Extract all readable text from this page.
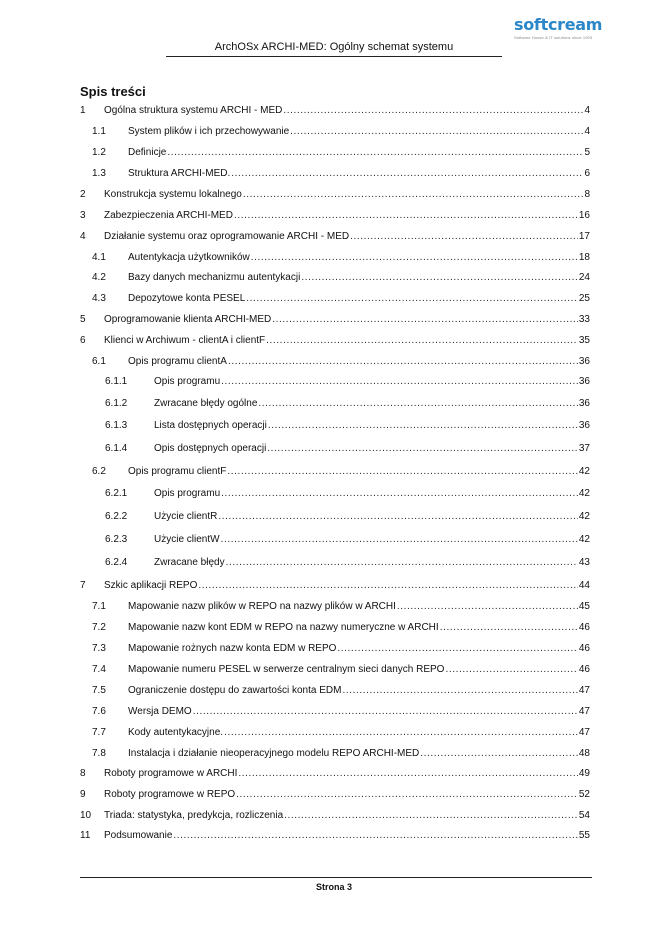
softcream
Software House & IT solutions since 1993
ArchOSx ARCHI-MED: Ogólny schemat systemu
Spis treści
1	Ogólna struktura systemu ARCHI - MED .....	4
1.1	System plików i ich przechowywanie .....	4
1.2	Definicje .....	5
1.3	Struktura ARCHI-MED. .....	6
2	Konstrukcja systemu lokalnego .....	8
3	Zabezpieczenia ARCHI-MED .....	16
4	Działanie systemu oraz oprogramowanie ARCHI - MED .....	17
4.1	Autentykacja użytkowników .....	18
4.2	Bazy danych mechanizmu autentykacji .....	24
4.3	Depozytowe konta PESEL .....	25
5	Oprogramowanie klienta ARCHI-MED .....	33
6	Klienci w Archiwum - clientA i clientF .....	35
6.1	Opis programu clientA .....	36
6.1.1	Opis programu .....	36
6.1.2	Zwracane błędy ogólne .....	36
6.1.3	Lista dostępnych operacji .....	36
6.1.4	Opis dostępnych operacji .....	37
6.2	Opis programu clientF .....	42
6.2.1	Opis programu .....	42
6.2.2	Użycie clientR .....	42
6.2.3	Użycie clientW .....	42
6.2.4	Zwracane błędy .....	43
7	Szkic aplikacji REPO .....	44
7.1	Mapowanie nazw plików w REPO na nazwy plików w ARCHI .....	45
7.2	Mapowanie nazw kont EDM w REPO na nazwy numeryczne w ARCHI .....	46
7.3	Mapowanie rożnych nazw konta EDM w REPO .....	46
7.4	Mapowanie numeru PESEL w serwerze centralnym sieci danych REPO .....	46
7.5	Ograniczenie dostępu do zawartości konta EDM .....	47
7.6	Wersja DEMO .....	47
7.7	Kody autentykacyjne. .....	47
7.8	Instalacja i działanie nieoperacyjnego modelu REPO ARCHI-MED .....	48
8	Roboty programowe w ARCHI .....	49
9	Roboty programowe w REPO .....	52
10	Triada: statystyka, predykcja, rozliczenia .....	54
11	Podsumowanie .....	55
Strona 3
